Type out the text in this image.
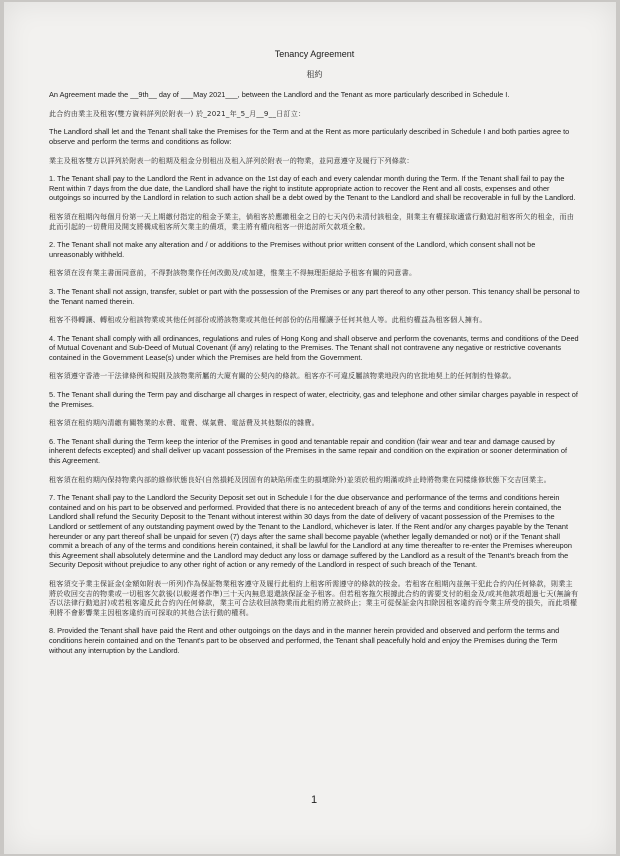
Tenancy Agreement
租約

An Agreement made the __9th__ day of ___May 2021___, between the Landlord and the Tenant as more particularly described in Schedule I.

此合約由業主及租客(雙方資料詳列於附表一) 於_2021_年_5_月__9__日訂立：

The Landlord shall let and the Tenant shall take the Premises for the Term and at the Rent as more particularly described in Schedule I and both parties agree to observe and perform the terms and conditions as follow:

業主及租客雙方以詳列於附表一的租期及租金分別租出及租入詳列於附表一的物業，並同意遵守及履行下列條款：

1. The Tenant shall pay to the Landlord the Rent in advance on the 1st day of each and every calendar month during the Term. If the Tenant shall fail to pay the Rent within 7 days from the due date, the Landlord shall have the right to institute appropriate action to recover the Rent and all costs, expenses and other outgoings so incurred by the Landlord in relation to such action shall be a debt owed by the Tenant to the Landlord and shall be recoverable in full by the Landlord.

租客須在租期內每個月份第一天上期繳付指定的租金予業主，倘租客於應繳租金之日的七天內仍未清付該租金，則業主有權採取適當行動追討租客所欠的租金，而由此而引起的一切費用及開支將構成租客所欠業主的債項，業主將有權向租客一併追討所欠款項全數。

2. The Tenant shall not make any alteration and / or additions to the Premises without prior written consent of the Landlord, which consent shall not be unreasonably withheld.

租客須在沒有業主書面同意前，不得對該物業作任何改動及/或加建，惟業主不得無理拒絕給予租客有關的同意書。

3. The Tenant shall not assign, transfer, sublet or part with the possession of the Premises or any part thereof to any other person. This tenancy shall be personal to the Tenant named therein.

租客不得轉讓、轉租或分租該物業或其他任何部份或將該物業或其他任何部份的佔用權讓予任何其他人等。此租約權益為租客個人擁有。

4. The Tenant shall comply with all ordinances, regulations and rules of Hong Kong and shall observe and perform the covenants, terms and conditions of the Deed of Mutual Covenant and Sub-Deed of Mutual Covenant (if any) relating to the Premises. The Tenant shall not contravene any negative or restrictive covenants contained in the Government Lease(s) under which the Premises are held from the Government.

租客須遵守香港一干法律條例和規則及該物業所屬的大廈有關的公契內的條款。租客亦不可違反屬該物業地段內的官批地契上的任何制約性條款。

5. The Tenant shall during the Term pay and discharge all charges in respect of water, electricity, gas and telephone and other similar charges payable in respect of the Premises.

租客須在租約期內清繳有關物業的水費、電費、煤氣費、電話費及其他類似的雜費。

6. The Tenant shall during the Term keep the interior of the Premises in good and tenantable repair and condition (fair wear and tear and damage caused by inherent defects excepted) and shall deliver up vacant possession of the Premises in the same repair and condition on the expiration or sooner determination of this Agreement.

租客須在租約期內保持物業內部的維修狀態良好(自然損耗及因固有的缺陷所產生的損壞除外)並須於租約期滿或終止時將物業在同樣維修狀態下交吉回業主。

7. The Tenant shall pay to the Landlord the Security Deposit set out in Schedule I for the due observance and performance of the terms and conditions herein contained and on his part to be observed and performed. Provided that there is no antecedent breach of any of the terms and conditions herein contained, the Landlord shall refund the Security Deposit to the Tenant without interest within 30 days from the date of delivery of vacant possession of the Premises to the Landlord or settlement of any outstanding payment owed by the Tenant to the Landlord, whichever is later. If the Rent and/or any charges payable by the Tenant hereunder or any part thereof shall be unpaid for seven (7) days after the same shall become payable (whether legally demanded or not) or if the Tenant shall commit a breach of any of the terms and conditions herein contained, it shall be lawful for the Landlord at any time thereafter to re-enter the Premises whereupon this Agreement shall absolutely determine and the Landlord may deduct any loss or damage suffered by the Landlord as a result of the Tenant's breach from the Security Deposit without prejudice to any other right of action or any remedy of the Landlord in respect of such breach of the Tenant.

租客須交予業主保証金(金額如附表一所列)作為保証物業租客遵守及履行此租約上租客所需遵守的條款的按金。若租客在租期內並無干犯此合約內任何條款，則業主將於收回交吉的物業或一切租客欠款後(以較遲者作準)三十天內無息退還該保証金予租客。但若租客拖欠根據此合約的需要支付的租金及/或其他款項超過七天(無論有否以法律行動追討)或若租客違反此合約內任何條款，業主可合法收回該物業而此租約將立被終止；業主可從保証金內扣除因租客違約而令業主所受的損失，而此項權利將不會影響業主因租客違約而可採取的其他合法行動的權利。

8. Provided the Tenant shall have paid the Rent and other outgoings on the days and in the manner herein provided and observed and perform the terms and conditions herein contained and on the Tenant's part to be observed and performed, the Tenant shall peacefully hold and enjoy the Premises during the Term without any interruption by the Landlord.

1
